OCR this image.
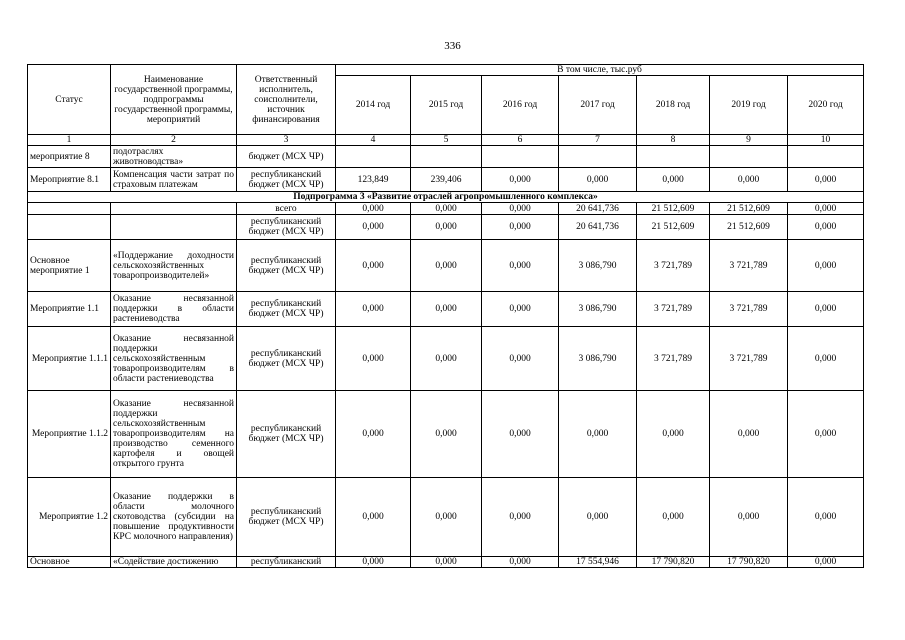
336
Статус	Наименование государственной программы, подпрограммы государственной программы, мероприятий	Ответственный исполнитель, соисполнители, источник финансирования	В том числе, тыс.руб						
			2014 год	2015 год	2016 год	2017 год	2018 год	2019 год	2020 год
1	2	3	4	5	6	7	8	9	10
мероприятие 8	подотраслях животноводства»	бюджет (МСХ ЧР)							
Мероприятие 8.1	Компенсация части затрат по страховым платежам	республиканский бюджет (МСХ ЧР)	123,849	239,406	0,000	0,000	0,000	0,000	0,000
Подпрограмма 3 «Развитие отраслей агропромышленного комплекса»									
		всего	0,000	0,000	0,000	20 641,736	21 512,609	21 512,609	0,000
		республиканский бюджет (МСХ ЧР)	0,000	0,000	0,000	20 641,736	21 512,609	21 512,609	0,000
Основное мероприятие 1	«Поддержание доходности сельскохозяйственных товаропроизводителей»	республиканский бюджет (МСХ ЧР)	0,000	0,000	0,000	3 086,790	3 721,789	3 721,789	0,000
Мероприятие 1.1	Оказание несвязанной поддержки в области растениеводства	республиканский бюджет (МСХ ЧР)	0,000	0,000	0,000	3 086,790	3 721,789	3 721,789	0,000
Мероприятие 1.1.1	Оказание несвязанной поддержки сельскохозяйственным товаропроизводителям в области растениеводства	республиканский бюджет (МСХ ЧР)	0,000	0,000	0,000	3 086,790	3 721,789	3 721,789	0,000
Мероприятие 1.1.2	Оказание несвязанной поддержки сельскохозяйственным товаропроизводителям на производство семенного картофеля и овощей открытого грунта	республиканский бюджет (МСХ ЧР)	0,000	0,000	0,000	0,000	0,000	0,000	0,000
Мероприятие 1.2	Оказание поддержки в области молочного скотоводства (субсидии на повышение продуктивности КРС молочного направления)	республиканский бюджет (МСХ ЧР)	0,000	0,000	0,000	0,000	0,000	0,000	0,000
Основное	«Содействие достижению	республиканский	0,000	0,000	0,000	17 554,946	17 790,820	17 790,820	0,000
